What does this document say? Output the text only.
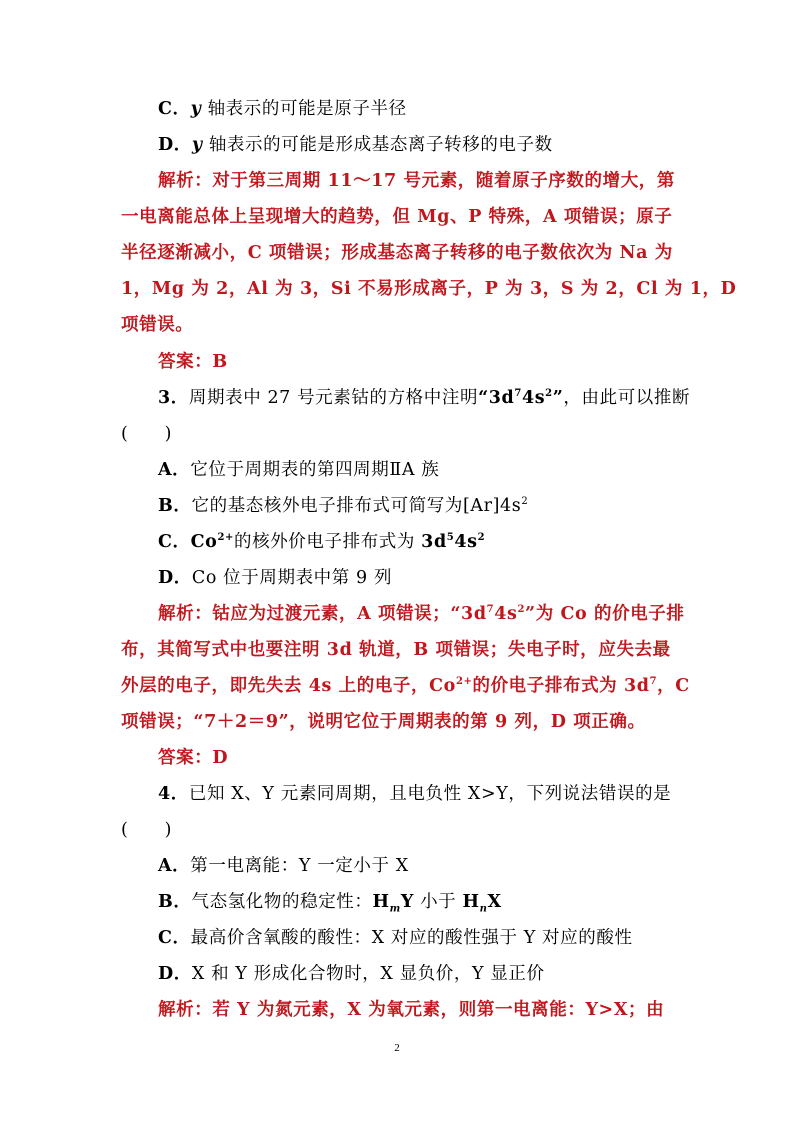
C．y 轴表示的可能是原子半径
D．y 轴表示的可能是形成基态离子转移的电子数
解析：对于第三周期 11～17 号元素，随着原子序数的增大，第
一电离能总体上呈现增大的趋势，但 Mg、P 特殊，A 项错误；原子
半径逐渐减小，C 项错误；形成基态离子转移的电子数依次为 Na 为
1，Mg 为 2，Al 为 3，Si 不易形成离子，P 为 3，S 为 2，Cl 为 1，D
项错误。
答案：B
3．周期表中 27 号元素钴的方格中注明“$3d^74s^2$”，由此可以推断
(　　)
A．它位于周期表的第四周期ⅡA 族
B．它的基态核外电子排布式可简写为$[Ar]4s^2$
C．$Co^{2+}$的核外价电子排布式为 $3d^54s^2$
D．Co 位于周期表中第 9 列
解析：钴应为过渡元素，A 项错误；“$3d^74s^2$”为 Co 的价电子排
布，其简写式中也要注明 3d 轨道，B 项错误；失电子时，应失去最
外层的电子，即先失去 4s 上的电子，$Co^{2+}$的价电子排布式为 $3d^7$，C
项错误；“7＋2＝9”，说明它位于周期表的第 9 列，D 项正确。
答案：D
4．已知 X、Y 元素同周期，且电负性 X>Y，下列说法错误的是
(　　)
A．第一电离能：Y 一定小于 X
B．气态氢化物的稳定性：$H_mY$ 小于 $H_nX$
C．最高价含氧酸的酸性：X 对应的酸性强于 Y 对应的酸性
D．X 和 Y 形成化合物时，X 显负价，Y 显正价
解析：若 Y 为氮元素，X 为氧元素，则第一电离能：Y>X；由
2
